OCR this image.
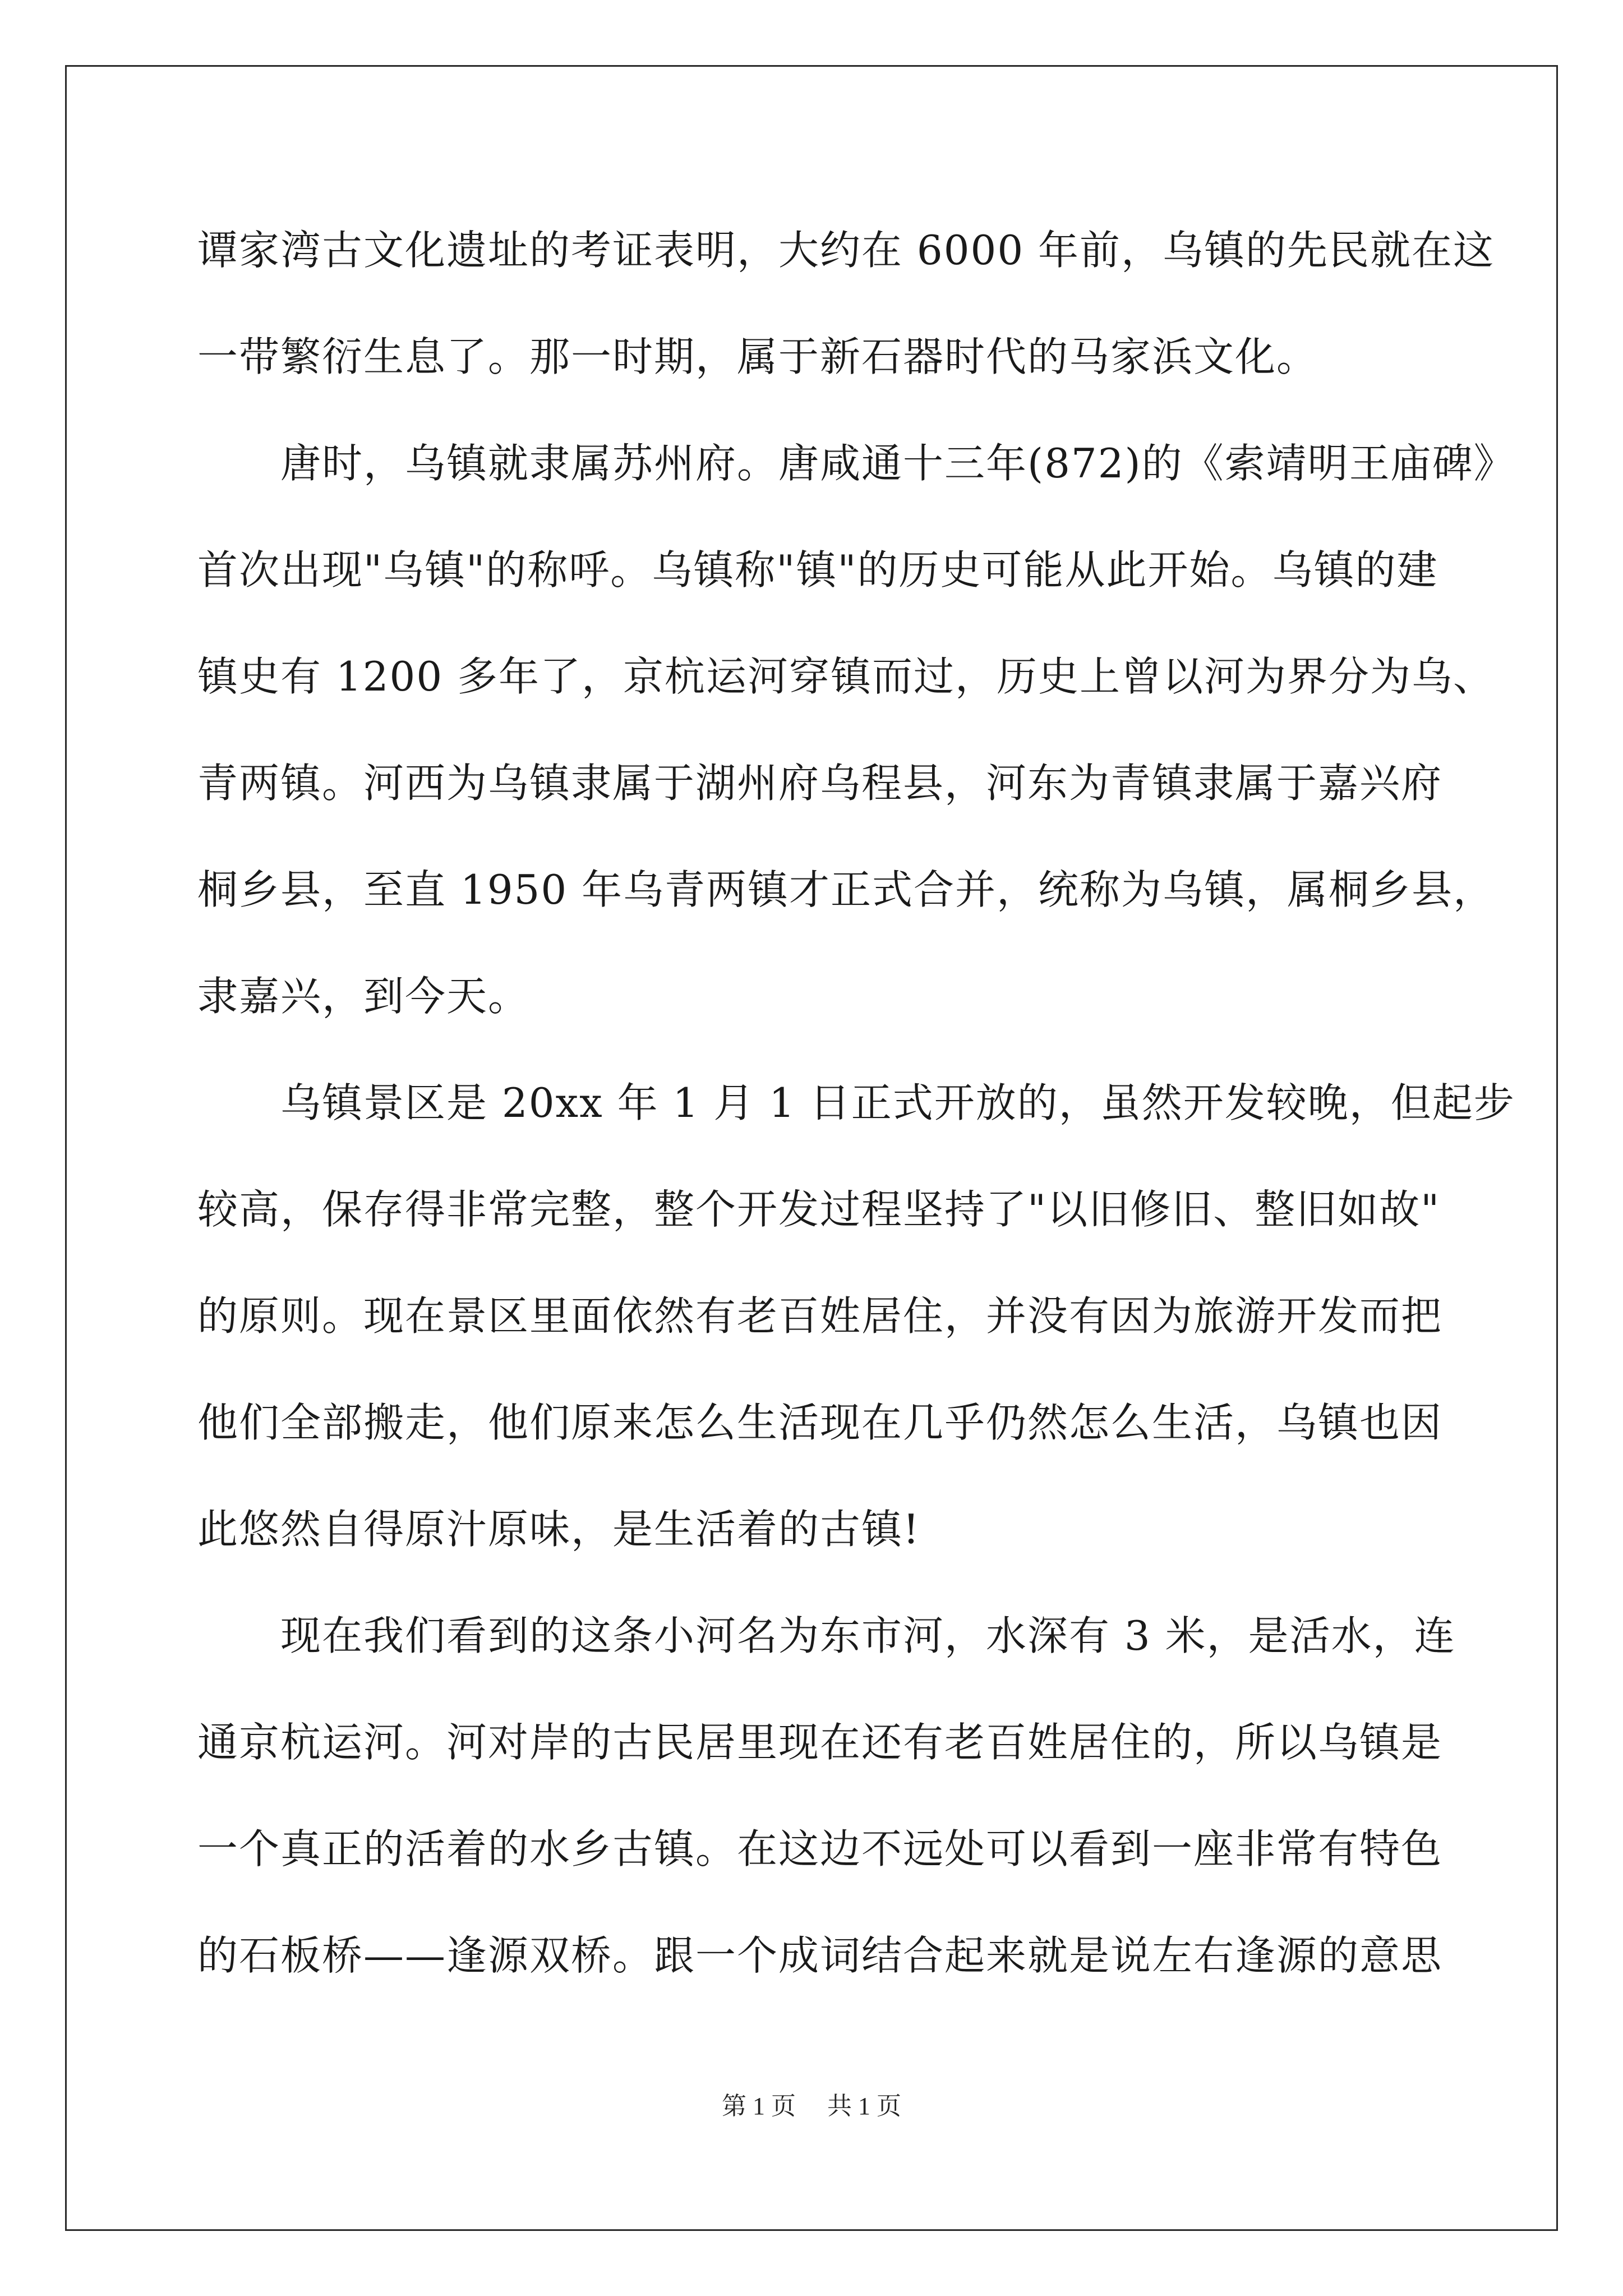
谭家湾古文化遗址的考证表明，大约在 6000 年前，乌镇的先民就在这
一带繁衍生息了。那一时期，属于新石器时代的马家浜文化。
唐时，乌镇就隶属苏州府。唐咸通十三年(872)的《索靖明王庙碑》
首次出现"乌镇"的称呼。乌镇称"镇"的历史可能从此开始。乌镇的建
镇史有 1200 多年了，京杭运河穿镇而过，历史上曾以河为界分为乌、
青两镇。河西为乌镇隶属于湖州府乌程县，河东为青镇隶属于嘉兴府
桐乡县，至直 1950 年乌青两镇才正式合并，统称为乌镇，属桐乡县，
隶嘉兴，到今天。
乌镇景区是 20xx 年 1 月 1 日正式开放的，虽然开发较晚，但起步
较高，保存得非常完整，整个开发过程坚持了"以旧修旧、整旧如故"
的原则。现在景区里面依然有老百姓居住，并没有因为旅游开发而把
他们全部搬走，他们原来怎么生活现在几乎仍然怎么生活，乌镇也因
此悠然自得原汁原味，是生活着的古镇!
现在我们看到的这条小河名为东市河，水深有 3 米，是活水，连
通京杭运河。河对岸的古民居里现在还有老百姓居住的，所以乌镇是
一个真正的活着的水乡古镇。在这边不远处可以看到一座非常有特色
的石板桥——逢源双桥。跟一个成词结合起来就是说左右逢源的意思
第 1 页 共 1 页
